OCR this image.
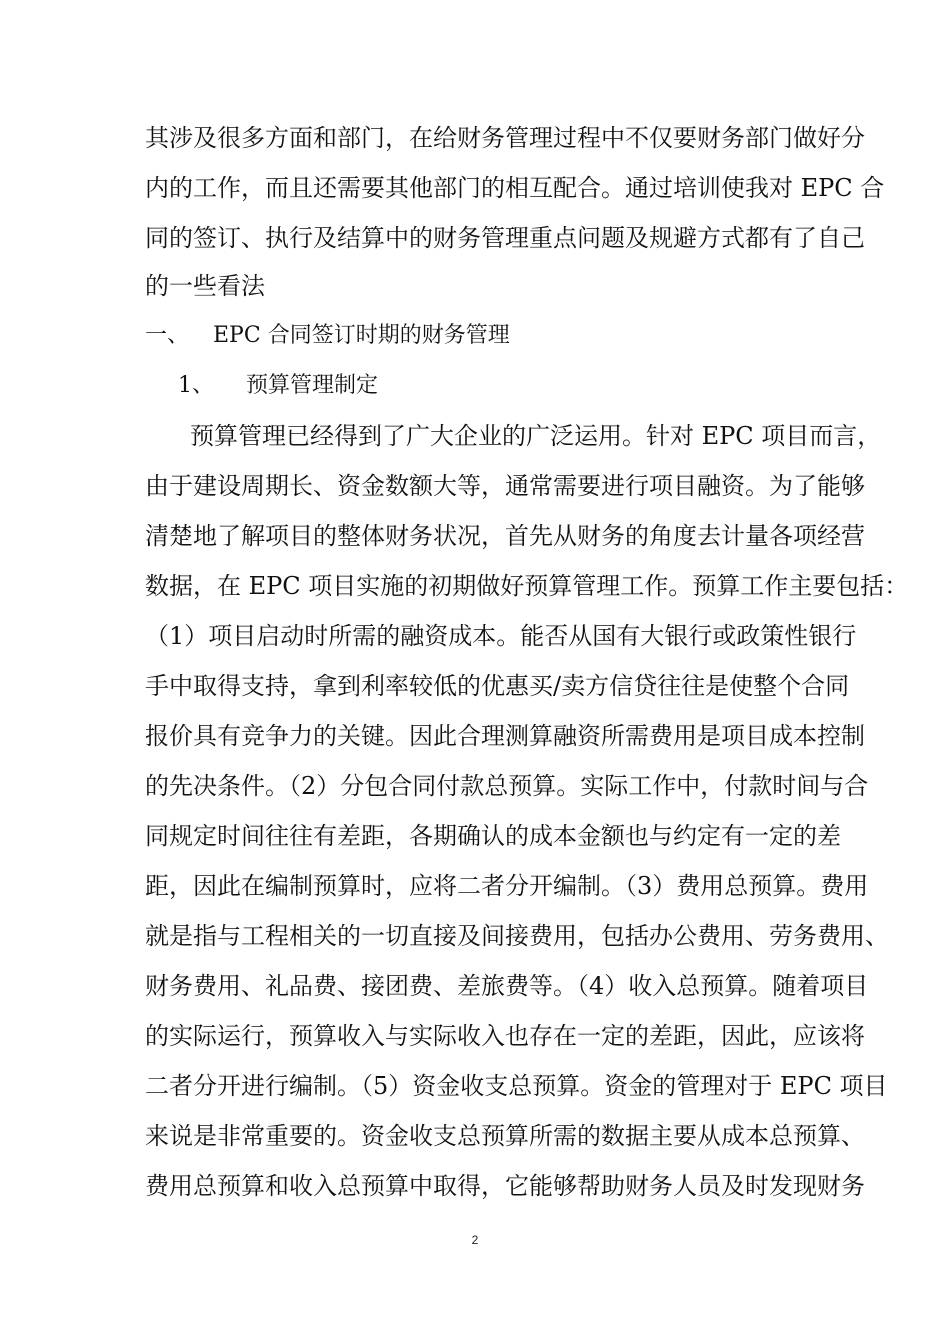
其涉及很多方面和部门，在给财务管理过程中不仅要财务部门做好分
内的工作，而且还需要其他部门的相互配合。通过培训使我对 EPC 合
同的签订、执行及结算中的财务管理重点问题及规避方式都有了自己
的一些看法
一、 EPC 合同签订时期的财务管理
1、 预算管理制定
预算管理已经得到了广大企业的广泛运用。针对 EPC 项目而言，
由于建设周期长、资金数额大等，通常需要进行项目融资。为了能够
清楚地了解项目的整体财务状况，首先从财务的角度去计量各项经营
数据，在 EPC 项目实施的初期做好预算管理工作。预算工作主要包括：
（1）项目启动时所需的融资成本。能否从国有大银行或政策性银行
手中取得支持，拿到利率较低的优惠买/卖方信贷往往是使整个合同
报价具有竞争力的关键。因此合理测算融资所需费用是项目成本控制
的先决条件。（2）分包合同付款总预算。实际工作中，付款时间与合
同规定时间往往有差距，各期确认的成本金额也与约定有一定的差
距，因此在编制预算时，应将二者分开编制。（3）费用总预算。费用
就是指与工程相关的一切直接及间接费用，包括办公费用、劳务费用、
财务费用、礼品费、接团费、差旅费等。（4）收入总预算。随着项目
的实际运行，预算收入与实际收入也存在一定的差距，因此，应该将
二者分开进行编制。（5）资金收支总预算。资金的管理对于 EPC 项目
来说是非常重要的。资金收支总预算所需的数据主要从成本总预算、
费用总预算和收入总预算中取得，它能够帮助财务人员及时发现财务
2
